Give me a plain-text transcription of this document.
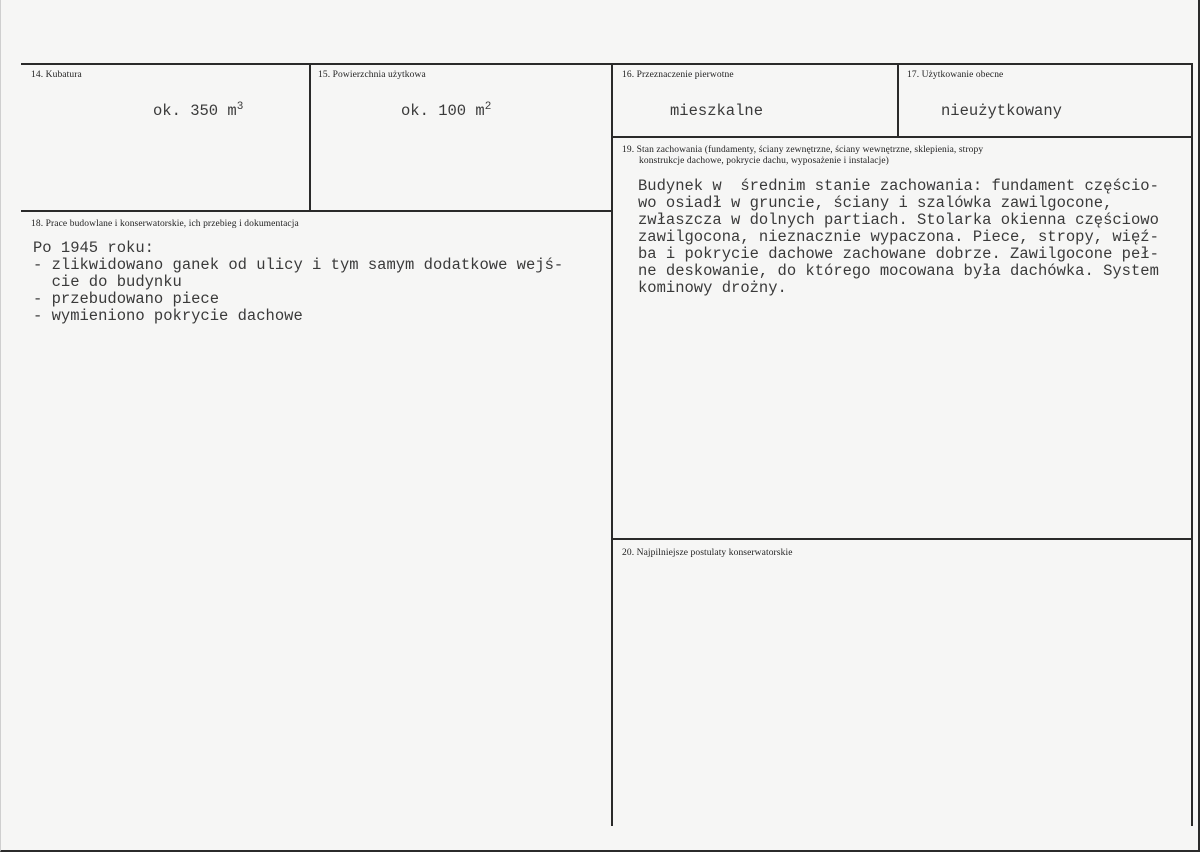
14. Kubatura
ok. 350 $m^3$
15. Powierzchnia użytkowa
ok. 100 $m^2$
16. Przeznaczenie pierwotne
mieszkalne
17. Użytkowanie obecne
nieużytkowany
18. Prace budowlane i konserwatorskie, ich przebieg i dokumentacja
Po 1945 roku:
- zlikwidowano ganek od ulicy i tym samym dodatkowe wejś-
cie do budynku
- przebudowano piece
- wymieniono pokrycie dachowe
19. Stan zachowania (fundamenty, ściany zewnętrzne, ściany wewnętrzne, sklepienia, stropy
konstrukcje dachowe, pokrycie dachu, wyposażenie i instalacje)
Budynek w  średnim stanie zachowania: fundament częścio-
wo osiadł w gruncie, ściany i szalówka zawilgocone,
zwłaszcza w dolnych partiach. Stolarka okienna częściowo
zawilgocona, nieznacznie wypaczona. Piece, stropy, więź-
ba i pokrycie dachowe zachowane dobrze. Zawilgocone peł-
ne deskowanie, do którego mocowana była dachówka. System
kominowy drożny.
20. Najpilniejsze postulaty konserwatorskie
